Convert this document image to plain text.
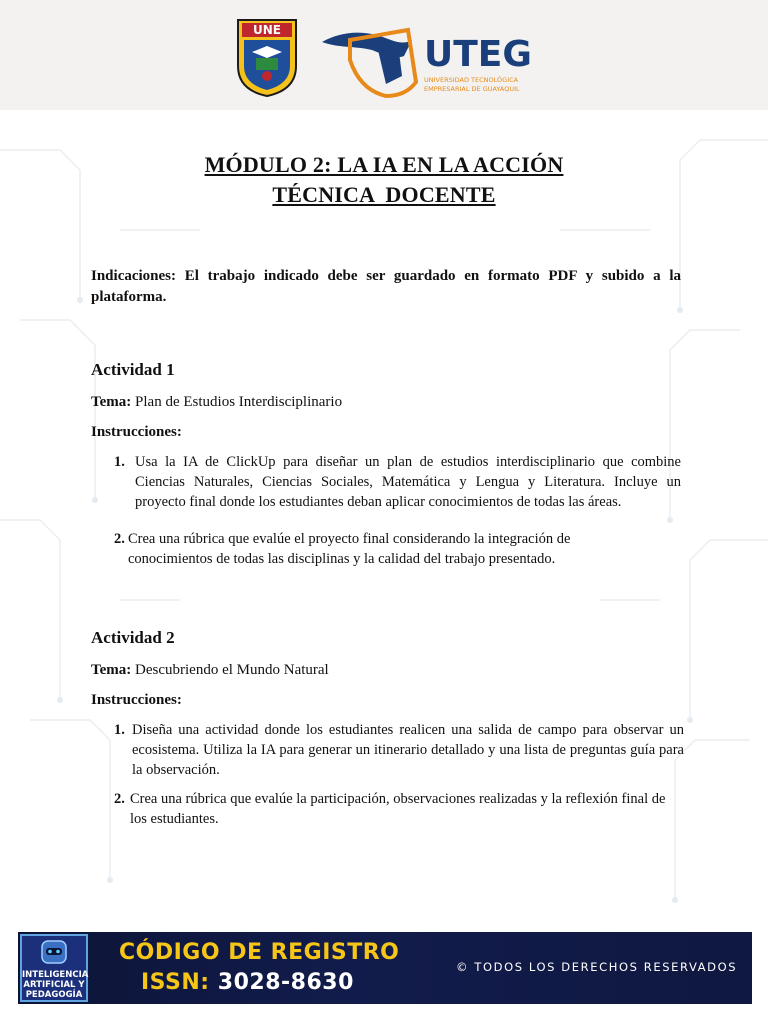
UNE
UTEG
UNIVERSIDAD TECNOLÓGICA
EMPRESARIAL DE GUAYAQUIL
MÓDULO 2: LA IA EN LA ACCIÓN
TÉCNICA  DOCENTE
Indicaciones: El trabajo indicado debe ser guardado en formato PDF y subido a la plataforma.
Actividad 1
Tema: Plan de Estudios Interdisciplinario
Instrucciones:
1. Usa la IA de ClickUp para diseñar un plan de estudios interdisciplinario que combine Ciencias Naturales, Ciencias Sociales, Matemática y Lengua y Literatura. Incluye un proyecto final donde los estudiantes deban aplicar conocimientos de todas las áreas.
2. Crea una rúbrica que evalúe el proyecto final considerando la integración de conocimientos de todas las disciplinas y la calidad del trabajo presentado.
Actividad 2
Tema: Descubriendo el Mundo Natural
Instrucciones:
1. Diseña una actividad donde los estudiantes realicen una salida de campo para observar un ecosistema. Utiliza la IA para generar un itinerario detallado y una lista de preguntas guía para la observación.
2. Crea una rúbrica que evalúe la participación, observaciones realizadas y la reflexión final de los estudiantes.
INTELIGENCIA
ARTIFICIAL Y
PEDAGOGÍA
CÓDIGO DE REGISTRO
ISSN: 3028-8630
© TODOS LOS DERECHOS RESERVADOS
